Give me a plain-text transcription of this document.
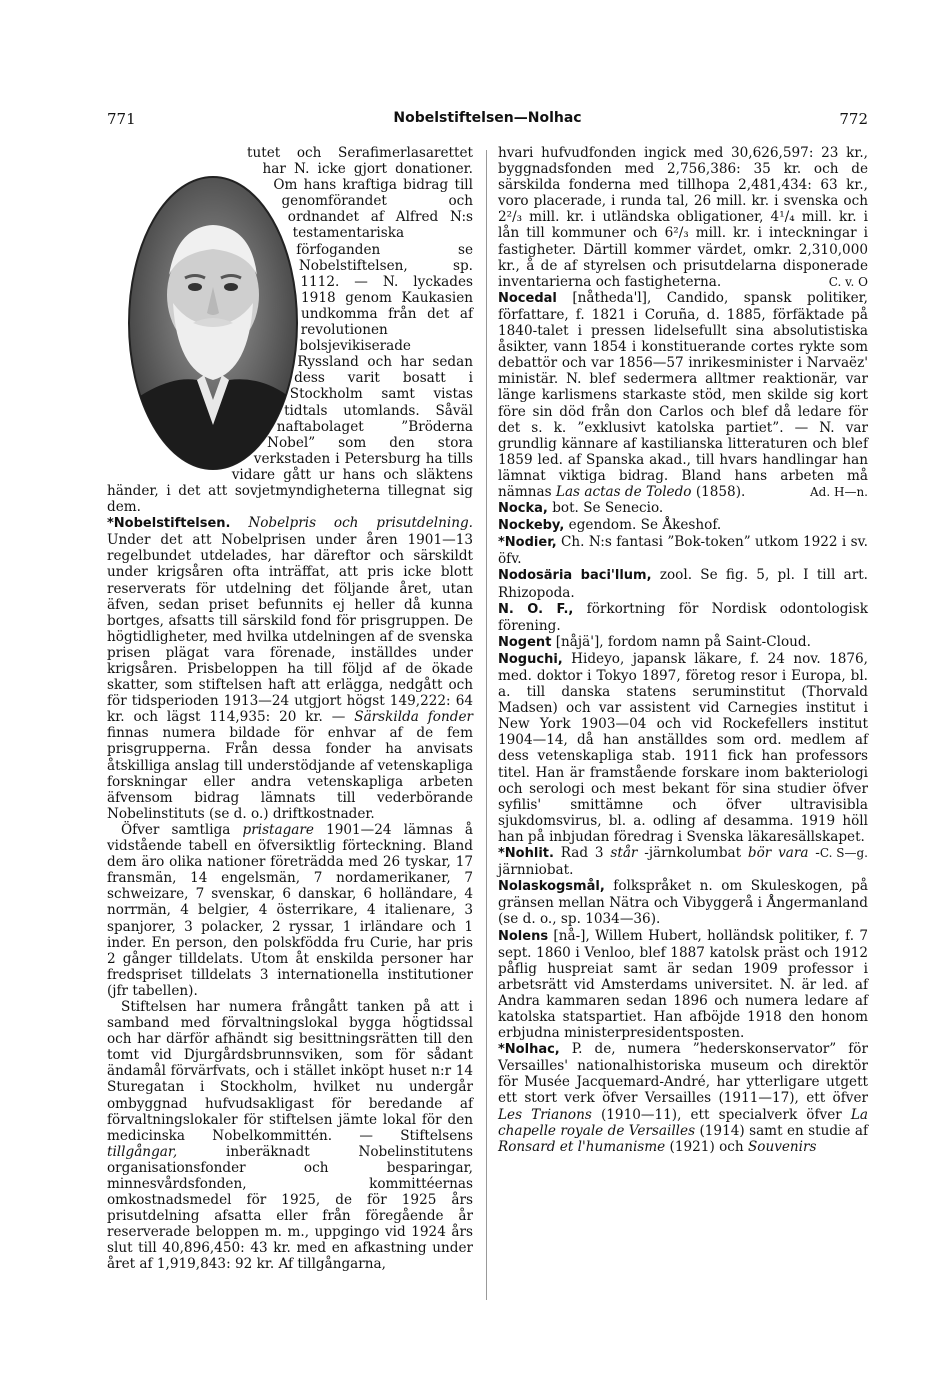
771	Nobelstiftelsen—Nolhac	772

tutet och Serafimerlasarettet har N. icke gjort donationer. Om hans kraftiga bidrag till genomförandet och ordnandet af Alfred N:s testamentariska förfoganden se Nobelstiftelsen, sp. 1112. — N. lyckades 1918 genom Kaukasien undkomma från det af revolutionen bolsjevikiserade Ryssland och har sedan dess varit bosatt i Stockholm samt vistas tidtals utomlands. Såväl naftabolaget ”Bröderna Nobel” som den stora verkstaden i Petersburg ha tills vidare gått ur hans och släktens händer, i det att sovjetmyndigheterna tillegnat sig dem.

*Nobelstiftelsen. Nobelpris och prisutdelning. Under det att Nobelprisen under åren 1901—13 regelbundet utdelades, har däreftor och särskildt under krigsåren ofta inträffat, att pris icke blott reserverats för utdelning det följande året, utan äfven, sedan priset befunnits ej heller då kunna bortges, afsatts till särskild fond för prisgruppen. De högtidligheter, med hvilka utdelningen af de svenska prisen plägat vara förenade, inställdes under krigsåren. Prisbeloppen ha till följd af de ökade skatter, som stiftelsen haft att erlägga, nedgått och för tidsperioden 1913—24 utgjort högst 149,222: 64 kr. och lägst 114,935: 20 kr. — Särskilda fonder finnas numera bildade för enhvar af de fem prisgrupperna. Från dessa fonder ha anvisats åtskilliga anslag till understödjande af vetenskapliga forskningar eller andra vetenskapliga arbeten äfvensom bidrag lämnats till vederbörande Nobelinstituts (se d. o.) driftkostnader.

Öfver samtliga pristagare 1901—24 lämnas å vidstående tabell en öfversiktlig förteckning. Bland dem äro olika nationer företrädda med 26 tyskar, 17 fransmän, 14 engelsmän, 7 nordamerikaner, 7 schweizare, 7 svenskar, 6 danskar, 6 holländare, 4 norrmän, 4 belgier, 4 österrikare, 4 italienare, 3 spanjorer, 3 polacker, 2 ryssar, 1 irländare och 1 inder. En person, den polskfödda fru Curie, har pris 2 gånger tilldelats. Utom åt enskilda personer har fredspriset tilldelats 3 internationella institutioner (jfr tabellen).

Stiftelsen har numera frångått tanken på att i samband med förvaltningslokal bygga högtidssal och har därför afhändt sig besittningsrätten till den tomt vid Djurgårdsbrunnsviken, som för sådant ändamål förvärfvats, och i stället inköpt huset n:r 14 Sturegatan i Stockholm, hvilket nu undergår ombyggnad hufvudsakligast för beredande af förvaltningslokaler för stiftelsen jämte lokal för den medicinska Nobelkommittén. — Stiftelsens tillgångar,	inberäknadt Nobelinstitutens organisationsfonder och besparingar, minnesvårdsfonden, kommittéernas omkostnadsmedel för 1925, de för 1925 års prisutdelning afsatta eller från föregående år reserverade beloppen m. m., uppgingo vid 1924 års slut till 40,896,450: 43 kr. med en afkastning under året af 1,919,843: 92 kr. Af tillgångarna,

hvari hufvudfonden ingick med 30,626,597: 23 kr., byggnadsfonden med 2,756,386: 35 kr. och de särskilda fonderna med tillhopa 2,481,434: 63 kr., voro placerade, i runda tal, 26 mill. kr. i svenska och 2²/₃ mill. kr. i utländska obligationer, 4¹/₄ mill. kr. i lån till kommuner och 6²/₃ mill. kr. i inteckningar i fastigheter. Därtill kommer värdet, omkr. 2,310,000 kr., å de af styrelsen och prisutdelarna disponerade inventarierna och fastigheterna.	C. v. O

Nocedal [nåtheda'l], Candido, spansk politiker, författare, f. 1821 i Coruña, d. 1885, förfäktade på 1840-talet i pressen lidelsefullt sina absolutistiska åsikter, vann 1854 i konstituerande cortes rykte som debattör och var 1856—57 inrikesminister i Narvaëz' ministär. N. blef sedermera alltmer reaktionär, var länge karlismens starkaste stöd, men skilde sig kort före sin död från don Carlos och blef då ledare för det s. k. ”exklusivt katolska partiet”. — N. var grundlig kännare af kastilianska litteraturen och blef 1859 led. af Spanska akad., till hvars handlingar han lämnat viktiga bidrag. Bland hans arbeten må nämnas Las actas de Toledo (1858).	Ad. H—n.

Nocka, bot. Se Senecio.

Nockeby, egendom. Se Åkeshof.

*Nodier, Ch. N:s fantasi ”Bok-token” utkom 1922 i sv. öfv.

Nodosäria baci'llum, zool. Se fig. 5, pl. I till art. Rhizopoda.

N. O. F., förkortning för Nordisk odontologisk förening.

Nogent [nåjä'], fordom namn på Saint-Cloud.

Noguchi, Hideyo, japansk läkare, f. 24 nov. 1876, med. doktor i Tokyo 1897, företog resor i Europa, bl. a. till danska statens seruminstitut (Thorvald Madsen) och var assistent vid Carnegies institut i New York 1903—04 och vid Rockefellers institut 1904—14, då han anställdes som ord. medlem af dess vetenskapliga stab. 1911 fick han professors titel. Han är framstående forskare inom bakteriologi och serologi och mest bekant för sina studier öfver syfilis' smittämne och öfver ultravisibla sjukdomsvirus, bl. a. odling af desamma. 1919 höll han på inbjudan föredrag i Svenska läkaresällskapet.
C. S—g.

*Nohlit. Rad 3 står -järnkolumbat bör vara -järnniobat.

Nolaskogsmål, folkspråket n. om Skuleskogen, på gränsen mellan Nätra och Vibyggerå i Ångermanland (se d. o., sp. 1034—36).

Nolens [nå-], Willem Hubert, holländsk politiker, f. 7 sept. 1860 i Venloo, blef 1887 katolsk präst och 1912 påflig huspreiat samt är sedan 1909 professor i arbetsrätt vid Amsterdams universitet. N. är led. af Andra kammaren sedan 1896 och numera ledare af katolska statspartiet. Han afböjde 1918 den honom erbjudna ministerpresidentsposten.

*Nolhac, P. de, numera ”hederskonservator” för Versailles' nationalhistoriska museum och direktör för Musée Jacquemard-André, har ytterligare utgett ett stort verk öfver Versailles (1911—17), ett öfver Les Trianons (1910—11), ett specialverk öfver La chapelle royale de Versailles (1914) samt en studie af Ronsard et l'humanisme (1921) och Souvenirs
